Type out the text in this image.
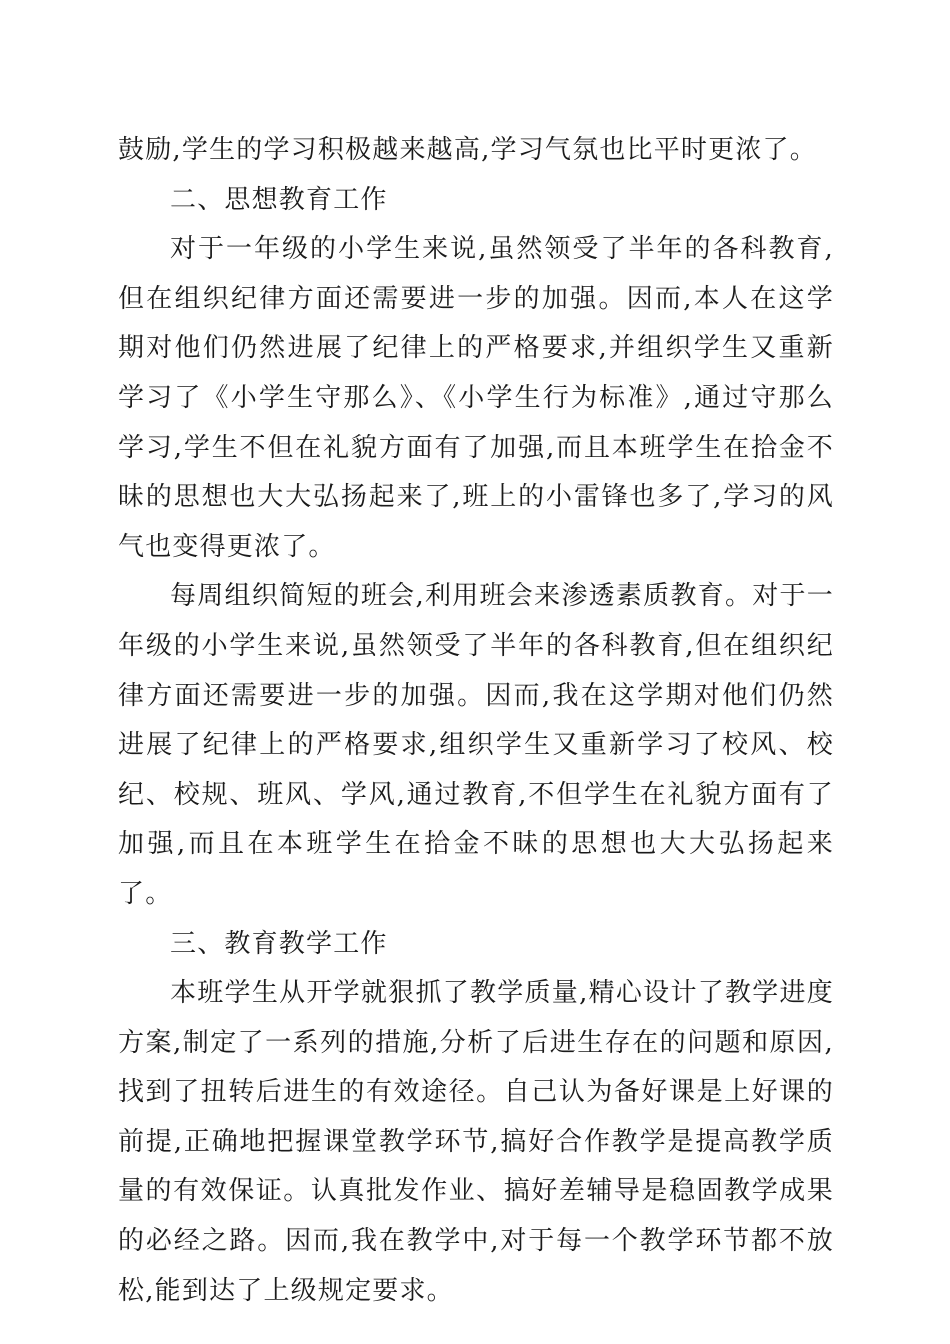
鼓励,学生的学习积极越来越高,学习气氛也比平时更浓了。

二、思想教育工作

对于一年级的小学生来说,虽然领受了半年的各科教育,但在组织纪律方面还需要进一步的加强。因而,本人在这学期对他们仍然进展了纪律上的严格要求,并组织学生又重新学习了《小学生守那么》、《小学生行为标准》,通过守那么学习,学生不但在礼貌方面有了加强,而且本班学生在拾金不昧的思想也大大弘扬起来了,班上的小雷锋也多了,学习的风气也变得更浓了。

每周组织简短的班会,利用班会来渗透素质教育。对于一年级的小学生来说,虽然领受了半年的各科教育,但在组织纪律方面还需要进一步的加强。因而,我在这学期对他们仍然进展了纪律上的严格要求,组织学生又重新学习了校风、校纪、校规、班风、学风,通过教育,不但学生在礼貌方面有了加强,而且在本班学生在拾金不昧的思想也大大弘扬起来了。

三、教育教学工作

本班学生从开学就狠抓了教学质量,精心设计了教学进度方案,制定了一系列的措施,分析了后进生存在的问题和原因,找到了扭转后进生的有效途径。自己认为备好课是上好课的前提,正确地把握课堂教学环节,搞好合作教学是提高教学质量的有效保证。认真批发作业、搞好差辅导是稳固教学成果的必经之路。因而,我在教学中,对于每一个教学环节都不放松,能到达了上级规定要求。
